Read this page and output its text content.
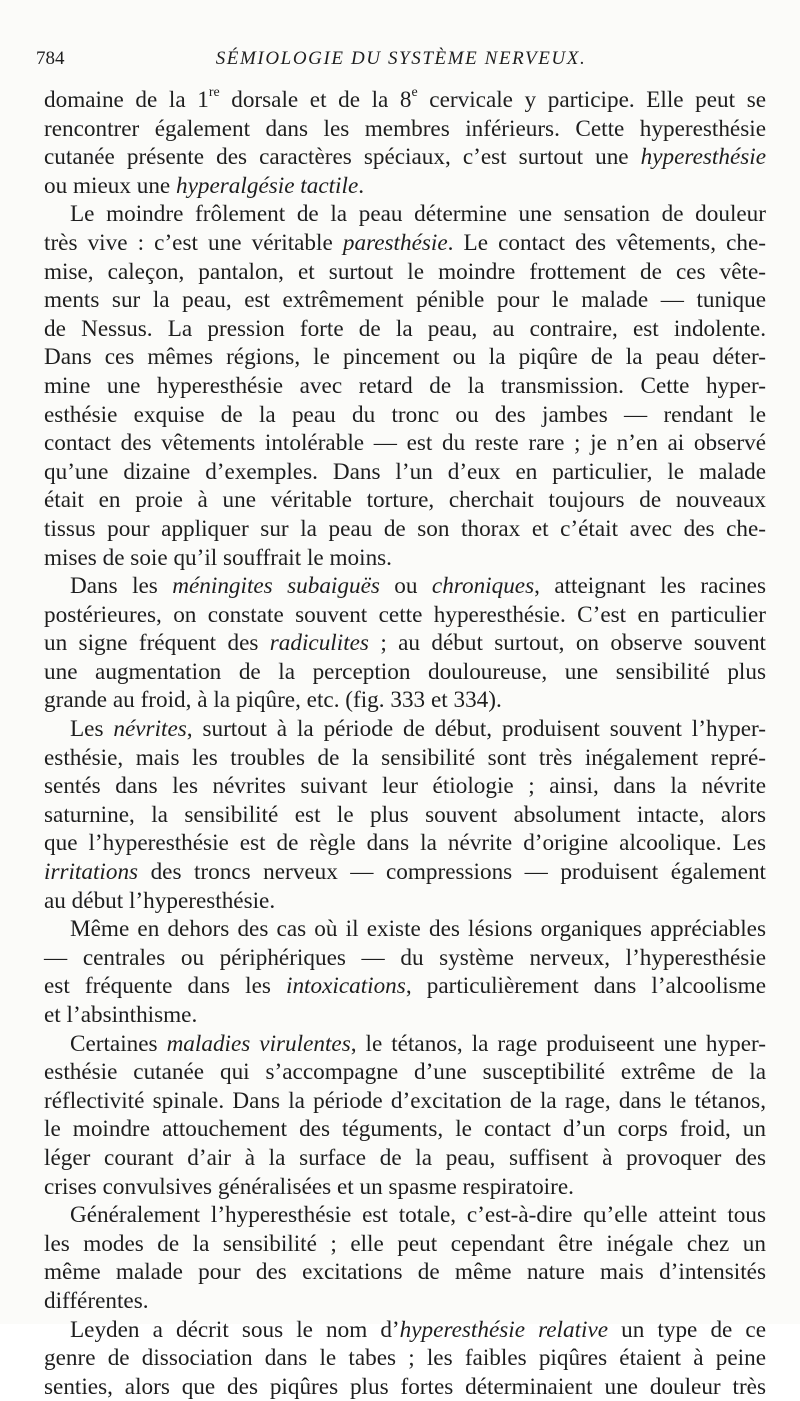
784	SÉMIOLOGIE DU SYSTÈME NERVEUX.
domaine de la 1re dorsale et de la 8e cervicale y participe. Elle peut se
rencontrer également dans les membres inférieurs. Cette hyperesthésie
cutanée présente des caractères spéciaux, c’est surtout une hyperesthésie
ou mieux une hyperalgésie tactile.
Le moindre frôlement de la peau détermine une sensation de douleur
très vive : c’est une véritable paresthésie. Le contact des vêtements, che-
mise, caleçon, pantalon, et surtout le moindre frottement de ces vête-
ments sur la peau, est extrêmement pénible pour le malade — tunique
de Nessus. La pression forte de la peau, au contraire, est indolente.
Dans ces mêmes régions, le pincement ou la piqûre de la peau déter-
mine une hyperesthésie avec retard de la transmission. Cette hyper-
esthésie exquise de la peau du tronc ou des jambes — rendant le
contact des vêtements intolérable — est du reste rare ; je n’en ai observé
qu’une dizaine d’exemples. Dans l’un d’eux en particulier, le malade
était en proie à une véritable torture, cherchait toujours de nouveaux
tissus pour appliquer sur la peau de son thorax et c’était avec des che-
mises de soie qu’il souffrait le moins.
Dans les méningites subaiguës ou chroniques, atteignant les racines
postérieures, on constate souvent cette hyperesthésie. C’est en particulier
un signe fréquent des radiculites ; au début surtout, on observe souvent
une augmentation de la perception douloureuse, une sensibilité plus
grande au froid, à la piqûre, etc. (fig. 333 et 334).
Les névrites, surtout à la période de début, produisent souvent l’hyper-
esthésie, mais les troubles de la sensibilité sont très inégalement repré-
sentés dans les névrites suivant leur étiologie ; ainsi, dans la névrite
saturnine, la sensibilité est le plus souvent absolument intacte, alors
que l’hyperesthésie est de règle dans la névrite d’origine alcoolique. Les
irritations des troncs nerveux — compressions — produisent également
au début l’hyperesthésie.
Même en dehors des cas où il existe des lésions organiques appréciables
— centrales ou périphériques — du système nerveux, l’hyperesthésie
est fréquente dans les intoxications, particulièrement dans l’alcoolisme
et l’absinthisme.
Certaines maladies virulentes, le tétanos, la rage produiseent une hyper-
esthésie cutanée qui s’accompagne d’une susceptibilité extrême de la
réflectivité spinale. Dans la période d’excitation de la rage, dans le tétanos,
le moindre attouchement des téguments, le contact d’un corps froid, un
léger courant d’air à la surface de la peau, suffisent à provoquer des
crises convulsives généralisées et un spasme respiratoire.
Généralement l’hyperesthésie est totale, c’est-à-dire qu’elle atteint tous
les modes de la sensibilité ; elle peut cependant être inégale chez un
même malade pour des excitations de même nature mais d’intensités
différentes.
Leyden a décrit sous le nom d’hyperesthésie relative un type de ce
genre de dissociation dans le tabes ; les faibles piqûres étaient à peine
senties, alors que des piqûres plus fortes déterminaient une douleur très
